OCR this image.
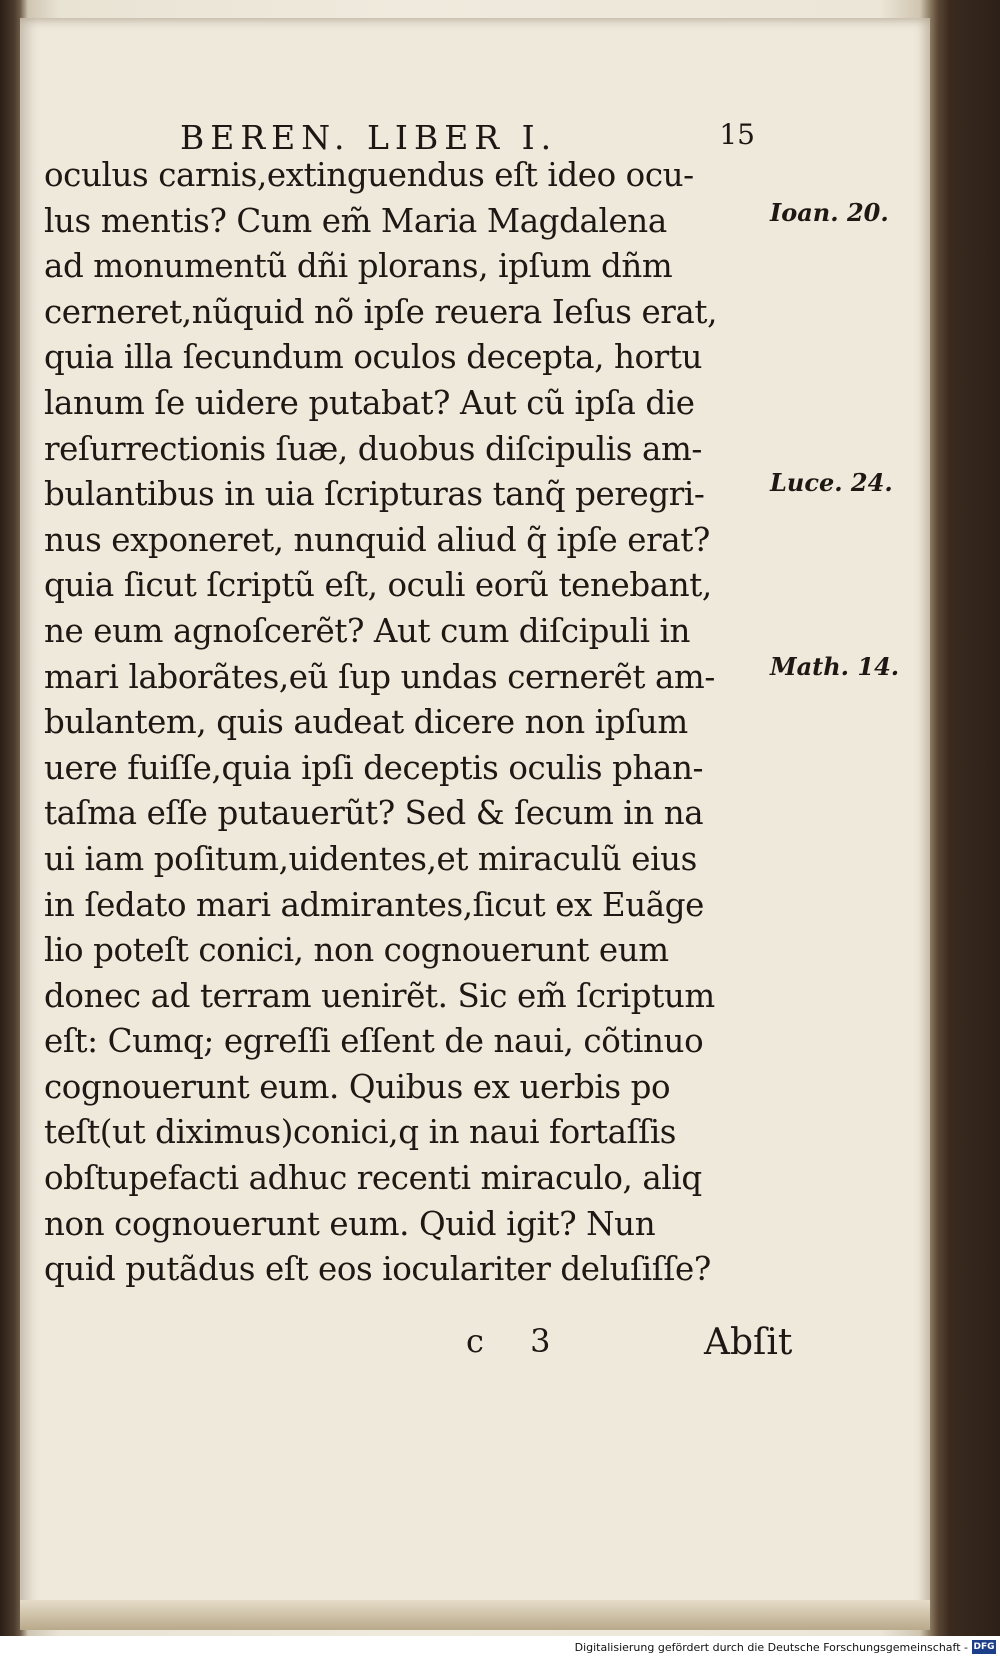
BEREN. LIBER I.	15
oculus carnis,extinguendus eſt ideo ocu-
lus mentis? Cum em̃ Maria Magdalena
ad monumentũ dñi plorans, ipſum dñm
cerneret,nũquid nõ ipſe reuera Ieſus erat,
quia illa ſecundum oculos decepta, hortu
lanum ſe uidere putabat? Aut cũ ipſa die
reſurrectionis ſuæ, duobus diſcipulis am-
bulantibus in uia ſcripturas tanq̃ peregri-
nus exponeret, nunquid aliud q̃ ipſe erat?
quia ſicut ſcriptũ eſt, oculi eorũ tenebant,
ne eum agnoſcerẽt? Aut cum diſcipuli in
mari laborãtes,eũ ſup undas cernerẽt am-
bulantem, quis audeat dicere non ipſum
uere fuiſſe,quia ipſi deceptis oculis phan-
taſma eſſe putauerũt? Sed & ſecum in na
ui iam poſitum,uidentes,et miraculũ eius
in ſedato mari admirantes,ſicut ex Euãge
lio poteſt conici, non cognouerunt eum
donec ad terram uenirẽt. Sic em̃ ſcriptum
eſt: Cumq; egreſſi eſſent de naui, cõtinuo
cognouerunt eum. Quibus ex uerbis po
teſt(ut diximus)conici,q in naui fortaſſis
obſtupefacti adhuc recenti miraculo, aliq
non cognouerunt eum. Quid igit? Nun
quid putãdus eſt eos ioculariter deluſiſſe?
Ioan. 20.
Luce. 24.
Math. 14.
c 3	Abſit
Digitalisierung gefördert durch die Deutsche Forschungsgemeinschaft - DFG
